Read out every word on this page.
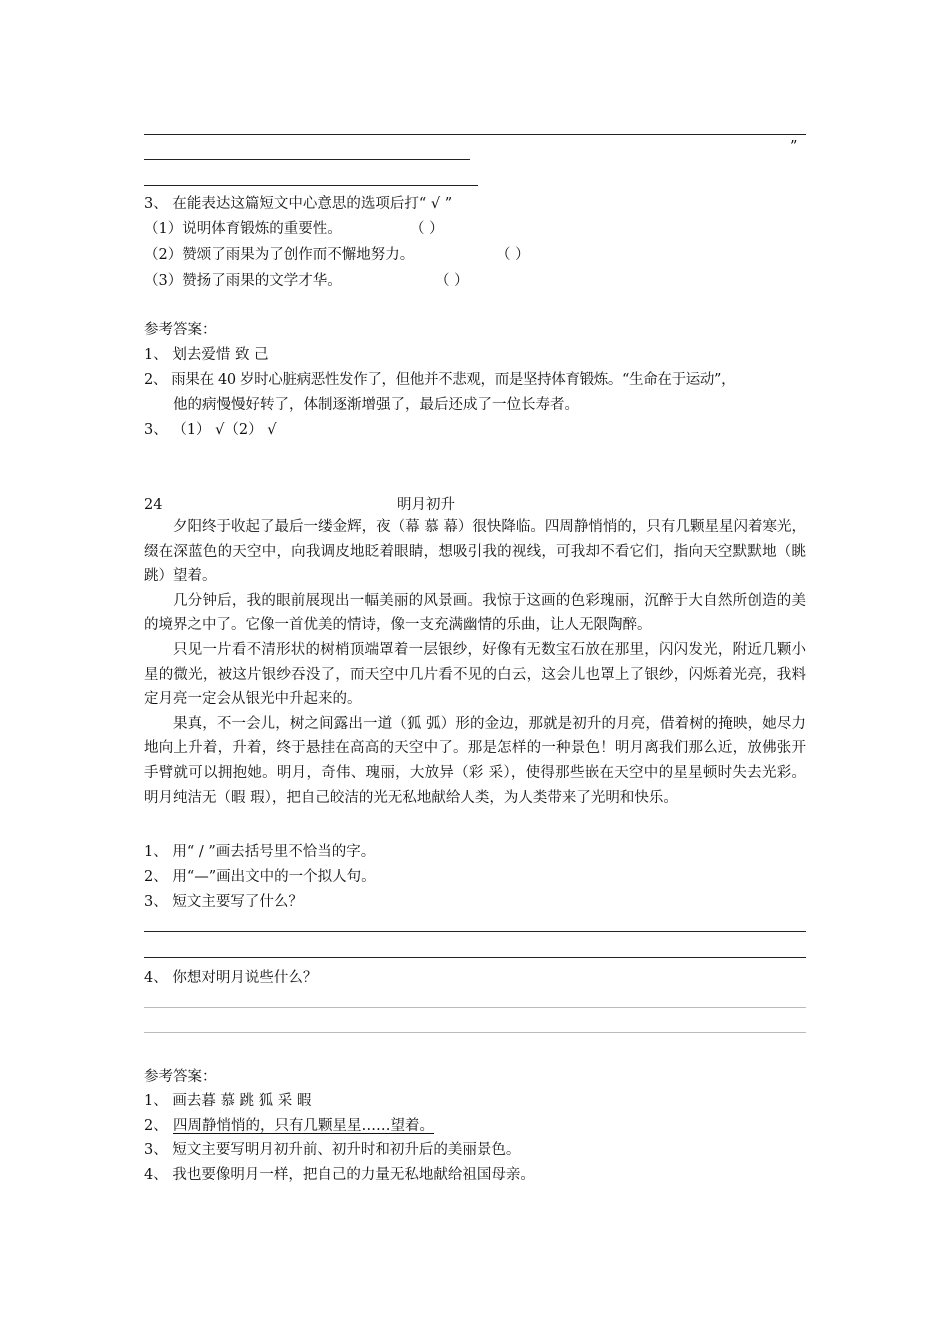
”
3、 在能表达这篇短文中心意思的选项后打“ √ ”
（1）说明体育锻炼的重要性。	（ ）
（2）赞颂了雨果为了创作而不懈地努力。	（ ）
（3）赞扬了雨果的文学才华。	（ ）
参考答案：
1、 划去爱惜 致 己
2、 雨果在 40 岁时心脏病恶性发作了，但他并不悲观，而是坚持体育锻炼。“生命在于运动”，
他的病慢慢好转了，体制逐渐增强了，最后还成了一位长寿者。
3、 （1） √（2） √
24	明月初升

夕阳终于收起了最后一缕金辉，夜（幕 慕 幕）很快降临。四周静悄悄的，只有几颗星星闪着寒光，缀在深蓝色的天空中，向我调皮地眨着眼睛，想吸引我的视线，可我却不看它们，指向天空默默地（眺 跳）望着。

几分钟后，我的眼前展现出一幅美丽的风景画。我惊于这画的色彩瑰丽，沉醉于大自然所创造的美的境界之中了。它像一首优美的情诗，像一支充满幽情的乐曲，让人无限陶醉。

只见一片看不清形状的树梢顶端罩着一层银纱，好像有无数宝石放在那里，闪闪发光，附近几颗小星的微光，被这片银纱吞没了，而天空中几片看不见的白云，这会儿也罩上了银纱，闪烁着光亮，我料定月亮一定会从银光中升起来的。

果真，不一会儿，树之间露出一道（狐 弧）形的金边，那就是初升的月亮，借着树的掩映，她尽力地向上升着，升着，终于悬挂在高高的天空中了。那是怎样的一种景色！明月离我们那么近，放佛张开手臂就可以拥抱她。明月，奇伟、瑰丽，大放异（彩 采），使得那些嵌在天空中的星星顿时失去光彩。明月纯洁无（暇 瑕），把自己皎洁的光无私地献给人类，为人类带来了光明和快乐。

1、 用“ / ”画去括号里不恰当的字。
2、 用“—”画出文中的一个拟人句。
3、 短文主要写了什么？
4、 你想对明月说些什么？
参考答案：
1、 画去暮 慕 跳 狐 采 暇
2、 四周静悄悄的，只有几颗星星……望着。
3、 短文主要写明月初升前、初升时和初升后的美丽景色。
4、 我也要像明月一样，把自己的力量无私地献给祖国母亲。
